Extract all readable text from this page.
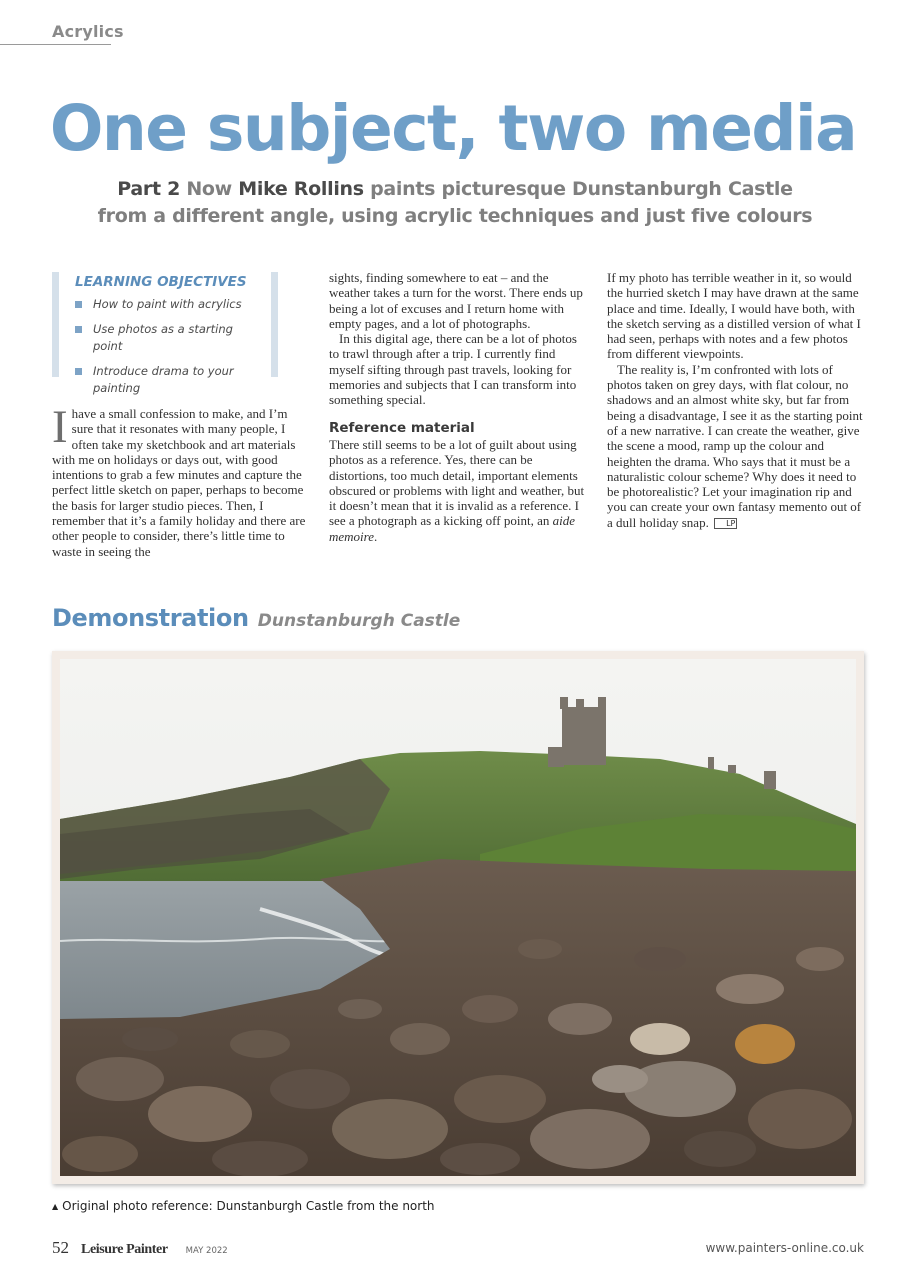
Acrylics
One subject, two media
Part 2 Now Mike Rollins paints picturesque Dunstanburgh Castle
from a different angle, using acrylic techniques and just five colours
LEARNING OBJECTIVES
How to paint with acrylics
Use photos as a starting point
Introduce drama to your painting

Ihave a small confession to make, and I’m sure that it resonates with many people, I often take my sketchbook and art materials with me on holidays or days out, with good intentions to grab a few minutes and capture the perfect little sketch on paper, perhaps to become the basis for larger studio pieces. Then, I remember that it’s a family holiday and there are other people to consider, there’s little time to waste in seeing the

sights, finding somewhere to eat – and the weather takes a turn for the worst. There ends up being a lot of excuses and I return home with empty pages, and a lot of photographs.

In this digital age, there can be a lot of photos to trawl through after a trip. I currently find myself sifting through past travels, looking for memories and subjects that I can transform into something special.

Reference material

There still seems to be a lot of guilt about using photos as a reference. Yes, there can be distortions, too much detail, important elements obscured or problems with light and weather, but it doesn’t mean that it is invalid as a reference. I see a photograph as a kicking off point, an aide memoire.

If my photo has terrible weather in it, so would the hurried sketch I may have drawn at the same place and time. Ideally, I would have both, with the sketch serving as a distilled version of what I had seen, perhaps with notes and a few photos from different viewpoints.

The reality is, I’m confronted with lots of photos taken on grey days, with flat colour, no shadows and an almost white sky, but far from being a disadvantage, I see it as the starting point of a new narrative. I can create the weather, give the scene a mood, ramp up the colour and heighten the drama. Who says that it must be a naturalistic colour scheme? Why does it need to be photorealistic? Let your imagination rip and you can create your own fantasy memento out of a dull holiday snap. LP

Demonstration Dunstanburgh Castle
▲ Original photo reference: Dunstanburgh Castle from the north
52 Leisure Painter MAY 2022	www.painters-online.co.uk
